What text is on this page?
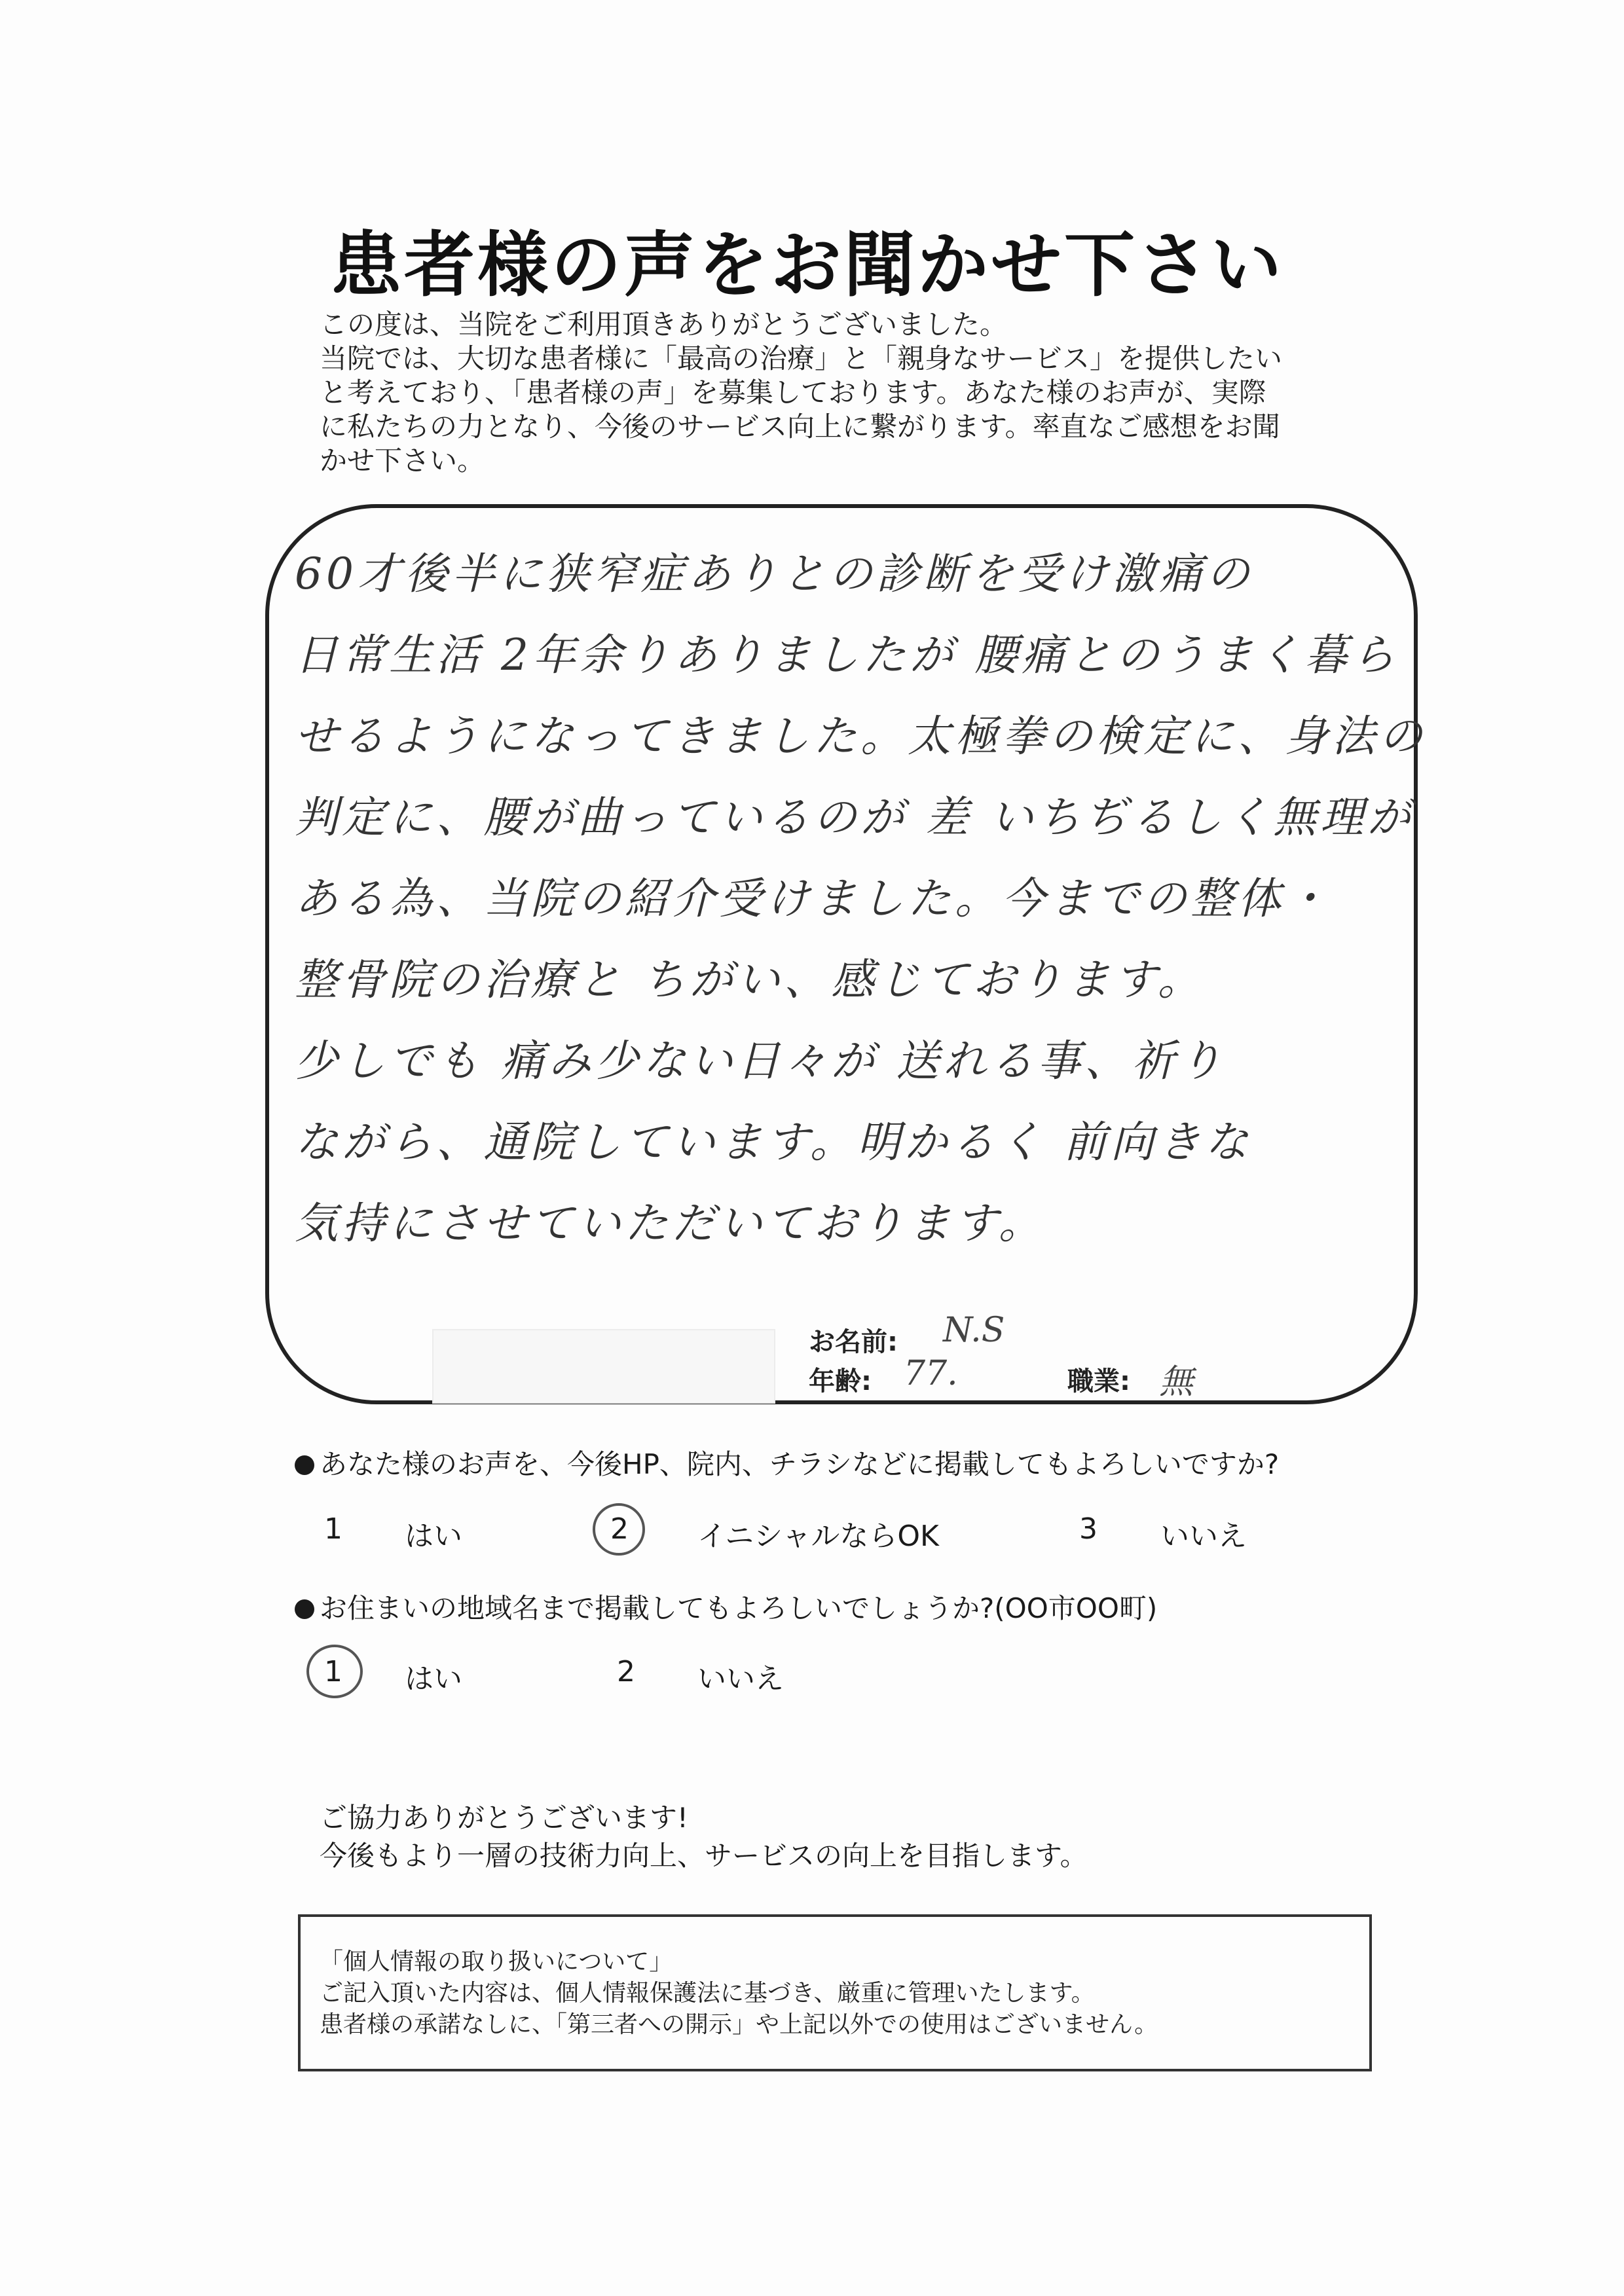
患者様の声をお聞かせ下さい
この度は、当院をご利用頂きありがとうございました。
当院では、大切な患者様に「最高の治療」と「親身なサービス」を提供したい
と考えており、「患者様の声」を募集しております。あなた様のお声が、実際
に私たちの力となり、今後のサービス向上に繋がります。率直なご感想をお聞
かせ下さい。
60才後半に狭窄症ありとの診断を受け激痛の
日常生活 2年余りありましたが 腰痛とのうまく暮ら
せるようになってきました。太極拳の検定に、身法の
判定に、腰が曲っているのが 差 いちぢるしく無理が
ある為、当院の紹介受けました。今までの整体・
整骨院の治療と ちがい、感じております。
少しでも 痛み少ない日々が 送れる事、祈り
ながら、通院しています。明かるく 前向きな
気持にさせていただいております。
お名前: N.S
年齢: 77.	職業: 無
あなた様のお声を、今後HP、院内、チラシなどに掲載してもよろしいですか?
1 はい	2 イニシャルならOK	3 いいえ
お住まいの地域名まで掲載してもよろしいでしょうか?(OO市OO町)
1 はい	2 いいえ
ご協力ありがとうございます!
今後もより一層の技術力向上、サービスの向上を目指します。
「個人情報の取り扱いについて」
ご記入頂いた内容は、個人情報保護法に基づき、厳重に管理いたします。
患者様の承諾なしに、「第三者への開示」や上記以外での使用はございません。
